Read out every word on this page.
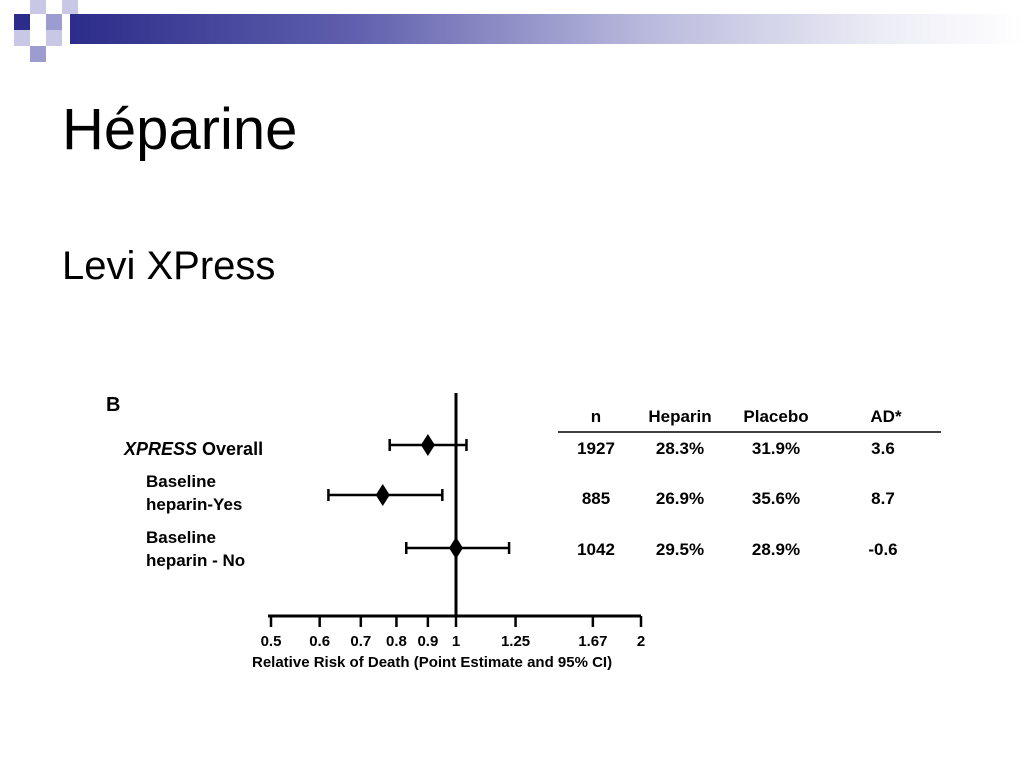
Héparine
Levi XPress
B
XPRESS Overall
Baseline
heparin-Yes
Baseline
heparin - No
0.5 0.6 0.7 0.8 0.9 1	1.25	1.67 2
Relative Risk of Death (Point Estimate and 95% CI)
n	Heparin Placebo	AD*
1927 28.3%	31.9%	3.6
885	26.9%	35.6%	8.7
1042 29.5%	28.9%	-0.6
